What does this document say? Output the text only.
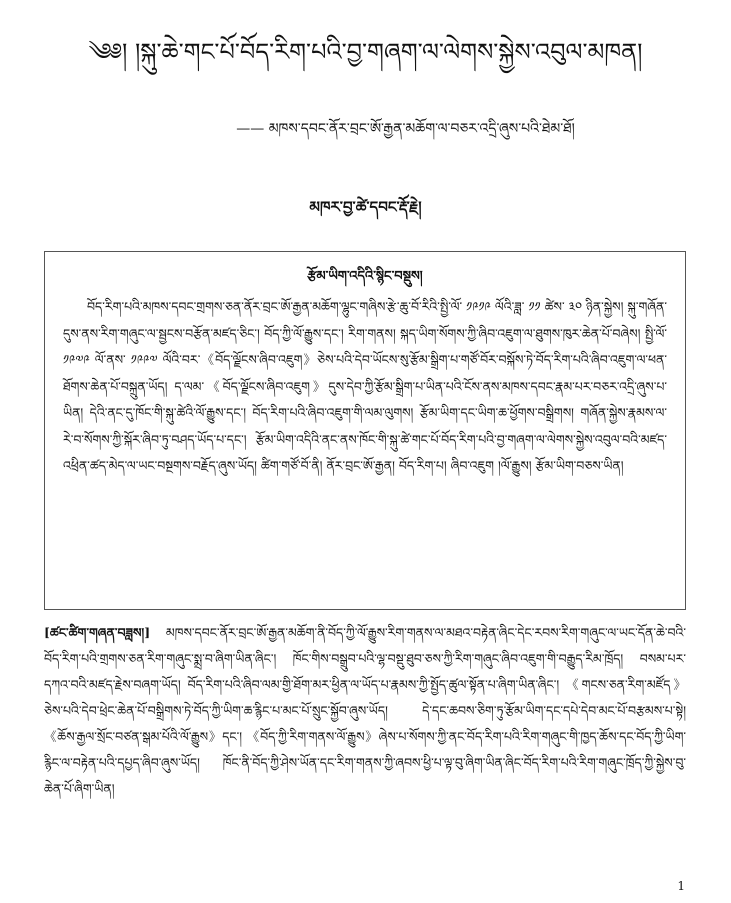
༄༅། །སྐུ་ཆེ་གང་པོ་བོད་རིག་པའི་བྱ་གཞག་ལ་ལེགས་སྐྱེས་འབུལ་མཁན།
—— མཁས་དབང་ནོར་བྲང་ཨོ་རྒྱན་མཆོག་ལ་བཅར་འདྲི་ཞུས་པའི་ཐེམ་ཐོ།
མཁར་བྱ་ཚེ་དབང་རྡོ་རྗེ།
རྩོམ་ཡིག་འདིའི་སྙིང་བསྡུས།

བོད་རིག་པའི་མཁས་དབང་གྲགས་ཅན་ནོར་བྲང་ཨོ་རྒྱན་མཆོག་ལྷུང་གཞིས་རྩེ་ཆུ་བོ་རིའི་སྤྱི་ལོ་ ༡༩༡༩ ལོའི་ཟླ་ ༡༡ ཚེས་ ༣༠ ཉིན་སྐྱེས། སྐུ་གཞོན་དུས་ནས་རིག་གཞུང་ལ་སྦྱངས་བརྩོན་མཛད་ཅིང་། བོད་ཀྱི་ལོ་རྒྱུས་དང་། རིག་གནས། སྐད་ཡིག་སོགས་ཀྱི་ཞིབ་འཇུག་ལ་ཐུགས་ཁུར་ཆེན་པོ་བཞེས། སྤྱི་ལོ་ ༡༩༧༩ ལོ་ནས་ ༡༩༩༧ ལོའི་བར་《བོད་ལྗོངས་ཞིབ་འཇུག》ཅེས་པའི་དེབ་ཡོངས་སུ་རྩོམ་སྒྲིག་པ་གཙོ་བོར་བསྐོས་ཏེ་བོད་རིག་པའི་ཞིབ་འཇུག་ལ་ཕན་ཐོགས་ཆེན་པོ་བསྐྲུན་ཡོད། ད་ལམ་《བོད་ལྗོངས་ཞིབ་འཇུག》དུས་དེབ་ཀྱི་རྩོམ་སྒྲིག་པ་ཡིན་པའི་ངོས་ནས་མཁས་དབང་རྣམ་པར་བཅར་འདྲི་ཞུས་པ་ཡིན། དེའི་ནང་དུ་ཁོང་གི་སྐུ་ཚེའི་ལོ་རྒྱུས་དང་། བོད་རིག་པའི་ཞིབ་འཇུག་གི་ལམ་ལུགས། རྩོམ་ཡིག་དང་ཡིག་ཆ་ཕྱོགས་བསྒྲིགས། གཞོན་སྐྱེས་རྣམས་ལ་རེ་བ་སོགས་ཀྱི་སྐོར་ཞིབ་ཏུ་བཤད་ཡོད་པ་དང་། རྩོམ་ཡིག་འདིའི་ནང་ནས་ཁོང་གི་སྐུ་ཚེ་གང་པོ་བོད་རིག་པའི་བྱ་གཞག་ལ་ལེགས་སྐྱེས་འབུལ་བའི་མཛད་འཕྲིན་ཚད་མེད་ལ་ཡང་བསྔགས་བརྗོད་ཞུས་ཡོད། ཚིག་གཙོ་བོ་ནི། ནོར་བྲང་ཨོ་རྒྱན། བོད་རིག་པ། ཞིབ་འཇུག །ལོ་རྒྱུས། རྩོམ་ཡིག་བཅས་ཡིན།

[ཚང་ཚིག་གཞན་བཟླས།] མཁས་དབང་ནོར་བྲང་ཨོ་རྒྱན་མཆོག་ནི་བོད་ཀྱི་ལོ་རྒྱུས་རིག་གནས་ལ་མཐའ་བརྟེན་ཞིང་དེང་རབས་རིག་གཞུང་ལ་ཡང་དོན་ཆེ་བའི་བོད་རིག་པའི་གྲགས་ཅན་རིག་གཞུང་སྨྲ་བ་ཞིག་ཡིན་ཞིང་། ཁོང་གིས་བསྒྲུབ་པའི་ལྷ་བསྡུ་ཐུབ་ཅས་ཀྱི་རིག་གཞུང་ཞིབ་འཇུག་གི་བརྒྱུད་རིམ་ཁྲོད། བསམ་པར་དཀའ་བའི་མཛད་རྗེས་བཞག་ཡོད། བོད་རིག་པའི་ཞིབ་ལམ་གྱི་ཐོག་མར་ཕྱིན་ལ་ཡོད་པ་རྣམས་ཀྱི་སྤྱོད་ཚུལ་སྟོན་པ་ཞིག་ཡིན་ཞིང་། 《གངས་ཅན་རིག་མཛོད》ཅེས་པའི་དེབ་ཕྲེང་ཆེན་པོ་བསྒྲིགས་ཏེ་བོད་ཀྱི་ཡིག་ཆ་རྙིང་པ་མང་པོ་སྲུང་སྐྱོབ་ཞུས་ཡོད། དེ་དང་ཆབས་ཅིག་ཏུ་རྩོམ་ཡིག་དང་དཔེ་དེབ་མང་པོ་བརྩམས་པ་སྟེ། 《ཆོས་རྒྱལ་སྲོང་བཙན་སྒམ་པོའི་ལོ་རྒྱུས》དང་། 《བོད་ཀྱི་རིག་གནས་ལོ་རྒྱུས》ཞེས་པ་སོགས་ཀྱི་ནང་བོད་རིག་པའི་རིག་གཞུང་གི་ཁྱད་ཆོས་དང་བོད་ཀྱི་ཡིག་རྙིང་ལ་བརྟེན་པའི་དཔྱད་ཞིབ་ཞུས་ཡོད། ཁོང་ནི་བོད་ཀྱི་ཤེས་ཡོན་དང་རིག་གནས་ཀྱི་ཞབས་ཕྱི་པ་ལྟ་བུ་ཞིག་ཡིན་ཞིང་བོད་རིག་པའི་རིག་གཞུང་ཁྲོད་ཀྱི་སྐྱེས་བུ་ཆེན་པོ་ཞིག་ཡིན།

1
